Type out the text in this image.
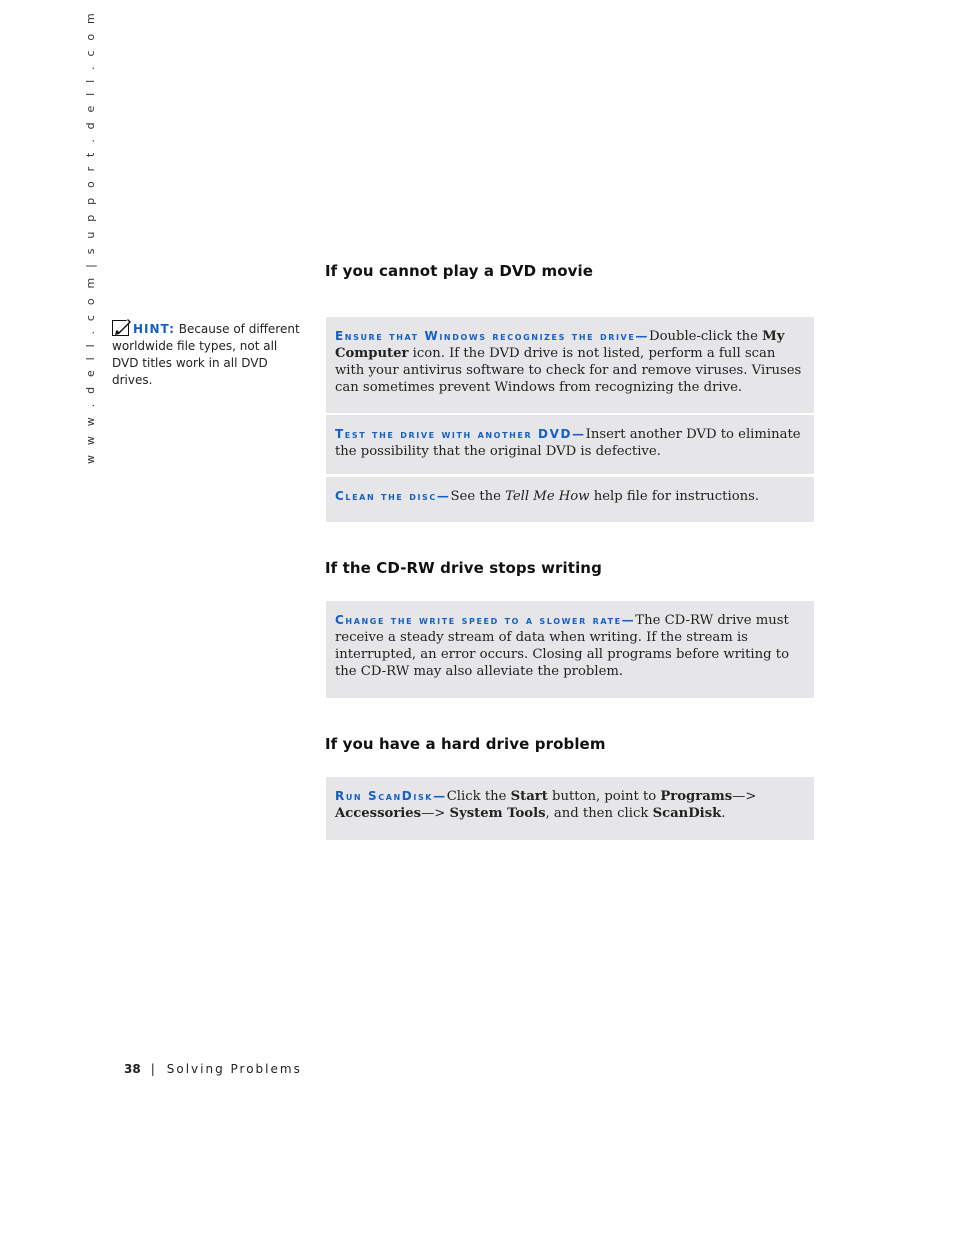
w w w . d e l l . c o m | s u p p o r t . d e l l . c o m	HINT: Because of different worldwide file types, not all DVD titles work in all DVD drives.
If you cannot play a DVD movie
Ensure that Windows recognizes the drive—Double-click the My Computer icon. If the DVD drive is not listed, perform a full scan with your antivirus software to check for and remove viruses. Viruses can sometimes prevent Windows from recognizing the drive.
Test the drive with another DVD—Insert another DVD to eliminate the possibility that the original DVD is defective.
Clean the disc—See the Tell Me How help file for instructions.
If the CD-RW drive stops writing
Change the write speed to a slower rate—The CD-RW drive must receive a steady stream of data when writing. If the stream is interrupted, an error occurs. Closing all programs before writing to the CD-RW may also alleviate the problem.
If you have a hard drive problem
Run ScanDisk—Click the Start button, point to Programs—> Accessories—> System Tools, and then click ScanDisk.
38 | Solving Problems
